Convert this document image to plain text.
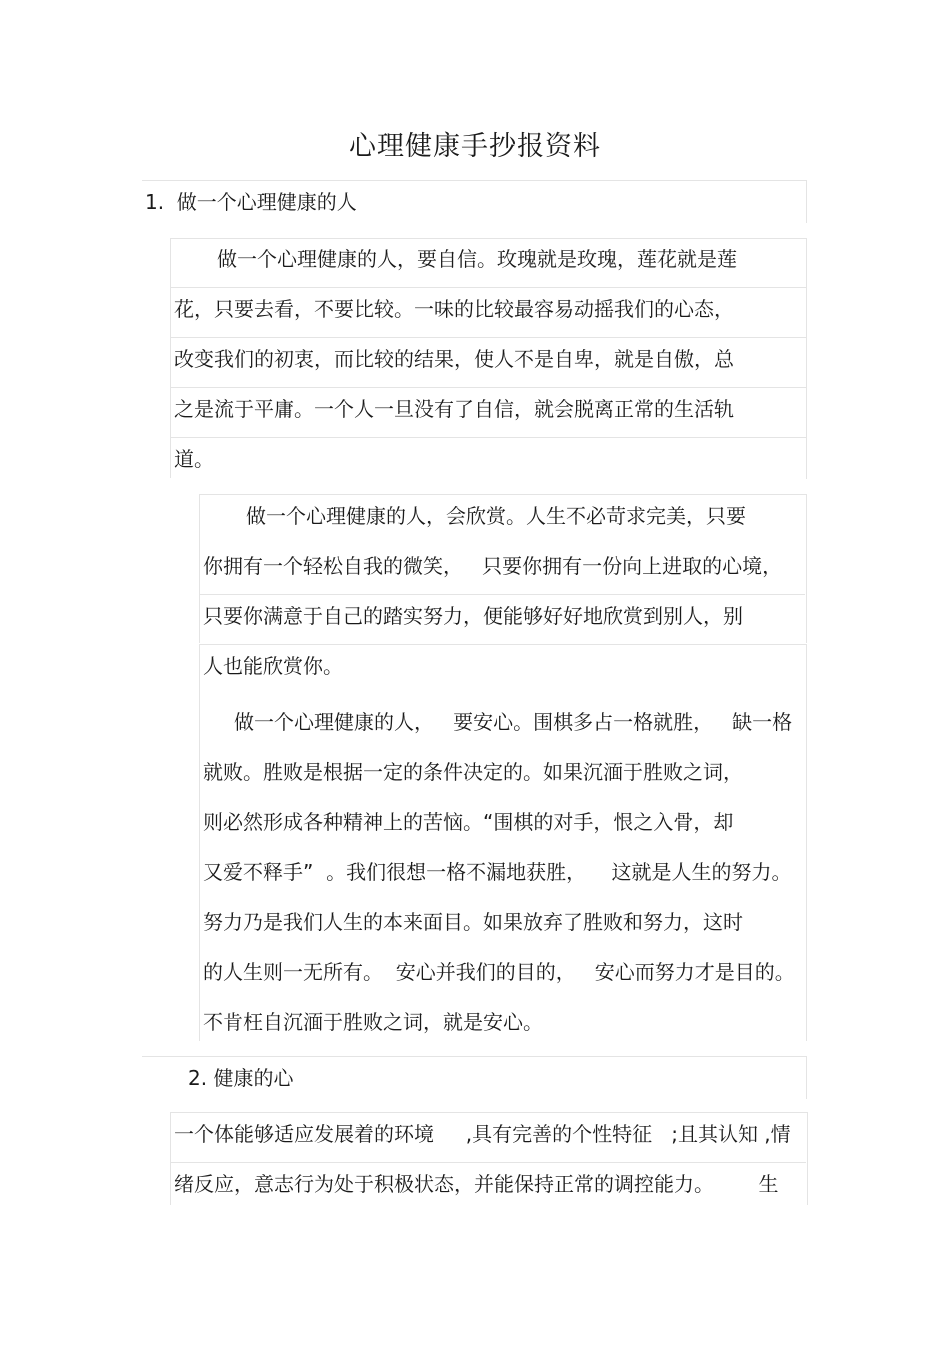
心理健康手抄报资料
1.  做一个心理健康的人
做一个心理健康的人，要自信。玫瑰就是玫瑰，莲花就是莲
花，只要去看，不要比较。一味的比较最容易动摇我们的心态，
改变我们的初衷，而比较的结果，使人不是自卑，就是自傲，总
之是流于平庸。一个人一旦没有了自信，就会脱离正常的生活轨
道。
做一个心理健康的人，会欣赏。人生不必苛求完美，只要
你拥有一个轻松自我的微笑，   只要你拥有一份向上进取的心境，
只要你满意于自己的踏实努力，便能够好好地欣赏到别人，别
人也能欣赏你。
做一个心理健康的人，   要安心。围棋多占一格就胜，   缺一格
就败。胜败是根据一定的条件决定的。如果沉湎于胜败之词，
则必然形成各种精神上的苦恼。“围棋的对手，恨之入骨，却
又爱不释手”  。我们很想一格不漏地获胜，    这就是人生的努力。
努力乃是我们人生的本来面目。如果放弃了胜败和努力，这时
的人生则一无所有。  安心并我们的目的，   安心而努力才是目的。
不肯枉自沉湎于胜败之词，就是安心。
2. 健康的心
一个体能够适应发展着的环境     ,具有完善的个性特征   ;且其认知 ,情
绪反应，意志行为处于积极状态，并能保持正常的调控能力。       生
